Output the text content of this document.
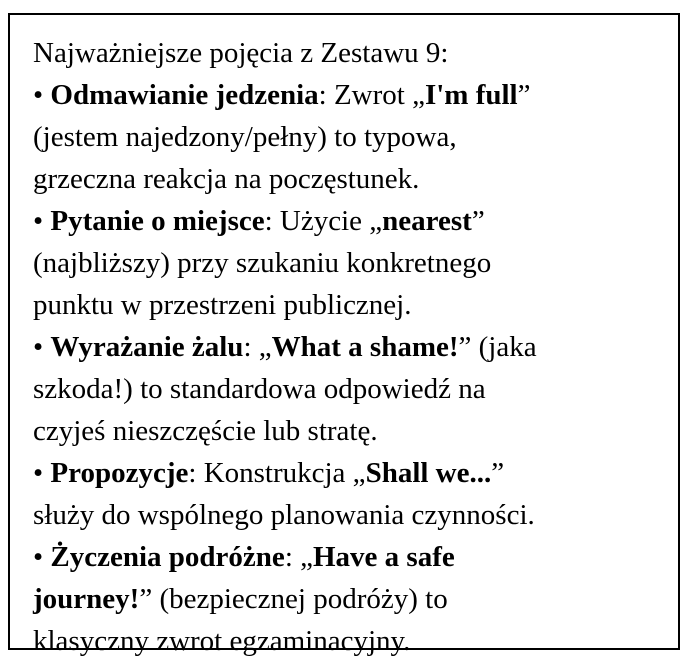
Najważniejsze pojęcia z Zestawu 9:
• Odmawianie jedzenia: Zwrot „I'm full”
(jestem najedzony/pełny) to typowa,
grzeczna reakcja na poczęstunek.
• Pytanie o miejsce: Użycie „nearest”
(najbliższy) przy szukaniu konkretnego
punktu w przestrzeni publicznej.
• Wyrażanie żalu: „What a shame!” (jaka
szkoda!) to standardowa odpowiedź na
czyjeś nieszczęście lub stratę.
• Propozycje: Konstrukcja „Shall we...”
służy do wspólnego planowania czynności.
• Życzenia podróżne: „Have a safe
journey!” (bezpiecznej podróży) to
klasyczny zwrot egzaminacyjny.
